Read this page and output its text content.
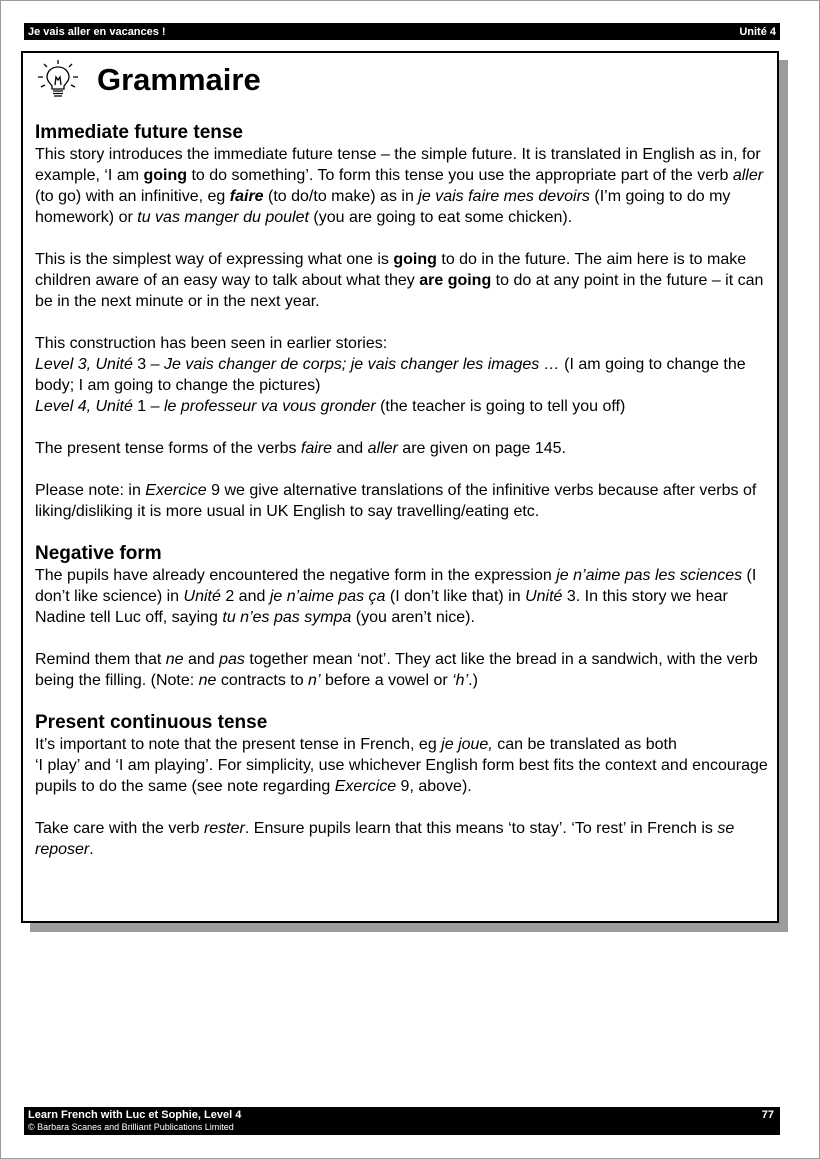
Je vais aller en vacances !	Unité 4
Grammaire
Immediate future tense

This story introduces the immediate future tense – the simple future. It is translated in English as in, for example, ‘I am going to do something’. To form this tense you use the appropriate part of the verb aller (to go) with an infinitive, eg faire (to do/to make) as in je vais faire mes devoirs (I’m going to do my homework) or tu vas manger du poulet (you are going to eat some chicken).

This is the simplest way of expressing what one is going to do in the future. The aim here is to make children aware of an easy way to talk about what they are going to do at any point in the future – it can be in the next minute or in the next year.

This construction has been seen in earlier stories:
Level 3, Unité 3 – Je vais changer de corps; je vais changer les images … (I am going to change the body; I am going to change the pictures)
Level 4, Unité 1 – le professeur va vous gronder (the teacher is going to tell you off)

The present tense forms of the verbs faire and aller are given on page 145.

Please note: in Exercice 9 we give alternative translations of the infinitive verbs because after verbs of liking/disliking it is more usual in UK English to say travelling/eating etc.

Negative form

The pupils have already encountered the negative form in the expression je n’aime pas les sciences (I don’t like science) in Unité 2 and je n’aime pas ça (I don’t like that) in Unité 3. In this story we hear Nadine tell Luc off, saying tu n’es pas sympa (you aren’t nice).

Remind them that ne and pas together mean ‘not’. They act like the bread in a sandwich, with the verb being the filling. (Note: ne contracts to n’ before a vowel or ‘h’.)

Present continuous tense

It’s important to note that the present tense in French, eg je joue, can be translated as both
‘I play’ and ‘I am playing’. For simplicity, use whichever English form best fits the context and encourage pupils to do the same (see note regarding Exercice 9, above).

Take care with the verb rester. Ensure pupils learn that this means ‘to stay’. ‘To rest’ in French is se reposer.

Learn French with Luc et Sophie, Level 4
© Barbara Scanes and Brilliant Publications Limited
77
